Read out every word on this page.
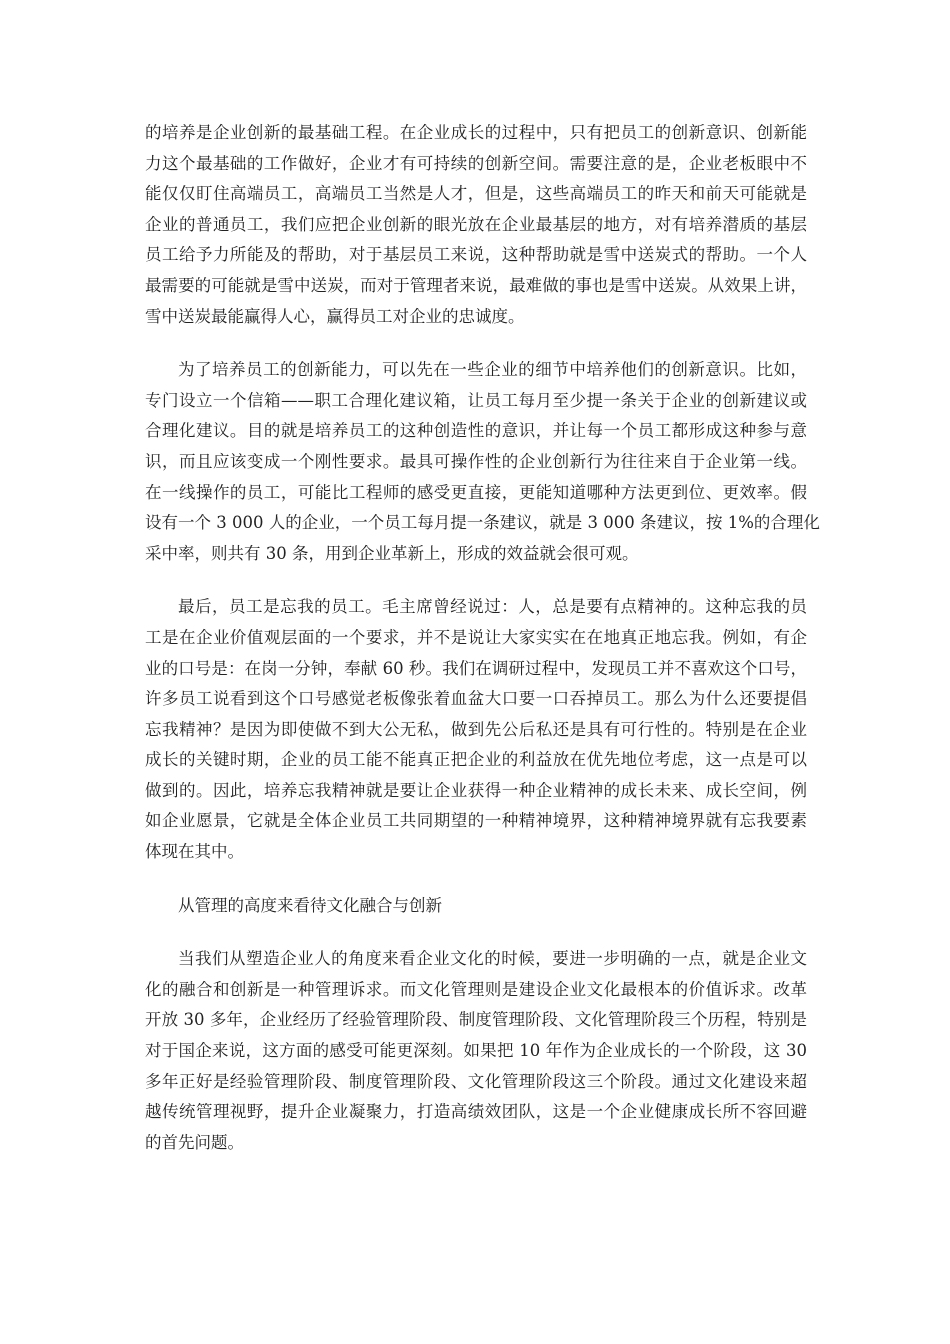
的培养是企业创新的最基础工程。在企业成长的过程中，只有把员工的创新意识、创新能
力这个最基础的工作做好，企业才有可持续的创新空间。需要注意的是，企业老板眼中不
能仅仅盯住高端员工，高端员工当然是人才，但是，这些高端员工的昨天和前天可能就是
企业的普通员工，我们应把企业创新的眼光放在企业最基层的地方，对有培养潜质的基层
员工给予力所能及的帮助，对于基层员工来说，这种帮助就是雪中送炭式的帮助。一个人
最需要的可能就是雪中送炭，而对于管理者来说，最难做的事也是雪中送炭。从效果上讲，
雪中送炭最能赢得人心，赢得员工对企业的忠诚度。
为了培养员工的创新能力，可以先在一些企业的细节中培养他们的创新意识。比如，
专门设立一个信箱——职工合理化建议箱，让员工每月至少提一条关于企业的创新建议或
合理化建议。目的就是培养员工的这种创造性的意识，并让每一个员工都形成这种参与意
识，而且应该变成一个刚性要求。最具可操作性的企业创新行为往往来自于企业第一线。
在一线操作的员工，可能比工程师的感受更直接，更能知道哪种方法更到位、更效率。假
设有一个 3 000 人的企业，一个员工每月提一条建议，就是 3 000 条建议，按 1%的合理化
采中率，则共有 30 条，用到企业革新上，形成的效益就会很可观。
最后，员工是忘我的员工。毛主席曾经说过：人，总是要有点精神的。这种忘我的员
工是在企业价值观层面的一个要求，并不是说让大家实实在在地真正地忘我。例如，有企
业的口号是：在岗一分钟，奉献 60 秒。我们在调研过程中，发现员工并不喜欢这个口号，
许多员工说看到这个口号感觉老板像张着血盆大口要一口吞掉员工。那么为什么还要提倡
忘我精神？是因为即使做不到大公无私，做到先公后私还是具有可行性的。特别是在企业
成长的关键时期，企业的员工能不能真正把企业的利益放在优先地位考虑，这一点是可以
做到的。因此，培养忘我精神就是要让企业获得一种企业精神的成长未来、成长空间，例
如企业愿景，它就是全体企业员工共同期望的一种精神境界，这种精神境界就有忘我要素
体现在其中。
从管理的高度来看待文化融合与创新
当我们从塑造企业人的角度来看企业文化的时候，要进一步明确的一点，就是企业文
化的融合和创新是一种管理诉求。而文化管理则是建设企业文化最根本的价值诉求。改革
开放 30 多年，企业经历了经验管理阶段、制度管理阶段、文化管理阶段三个历程，特别是
对于国企来说，这方面的感受可能更深刻。如果把 10 年作为企业成长的一个阶段，这 30
多年正好是经验管理阶段、制度管理阶段、文化管理阶段这三个阶段。通过文化建设来超
越传统管理视野，提升企业凝聚力，打造高绩效团队，这是一个企业健康成长所不容回避
的首先问题。
